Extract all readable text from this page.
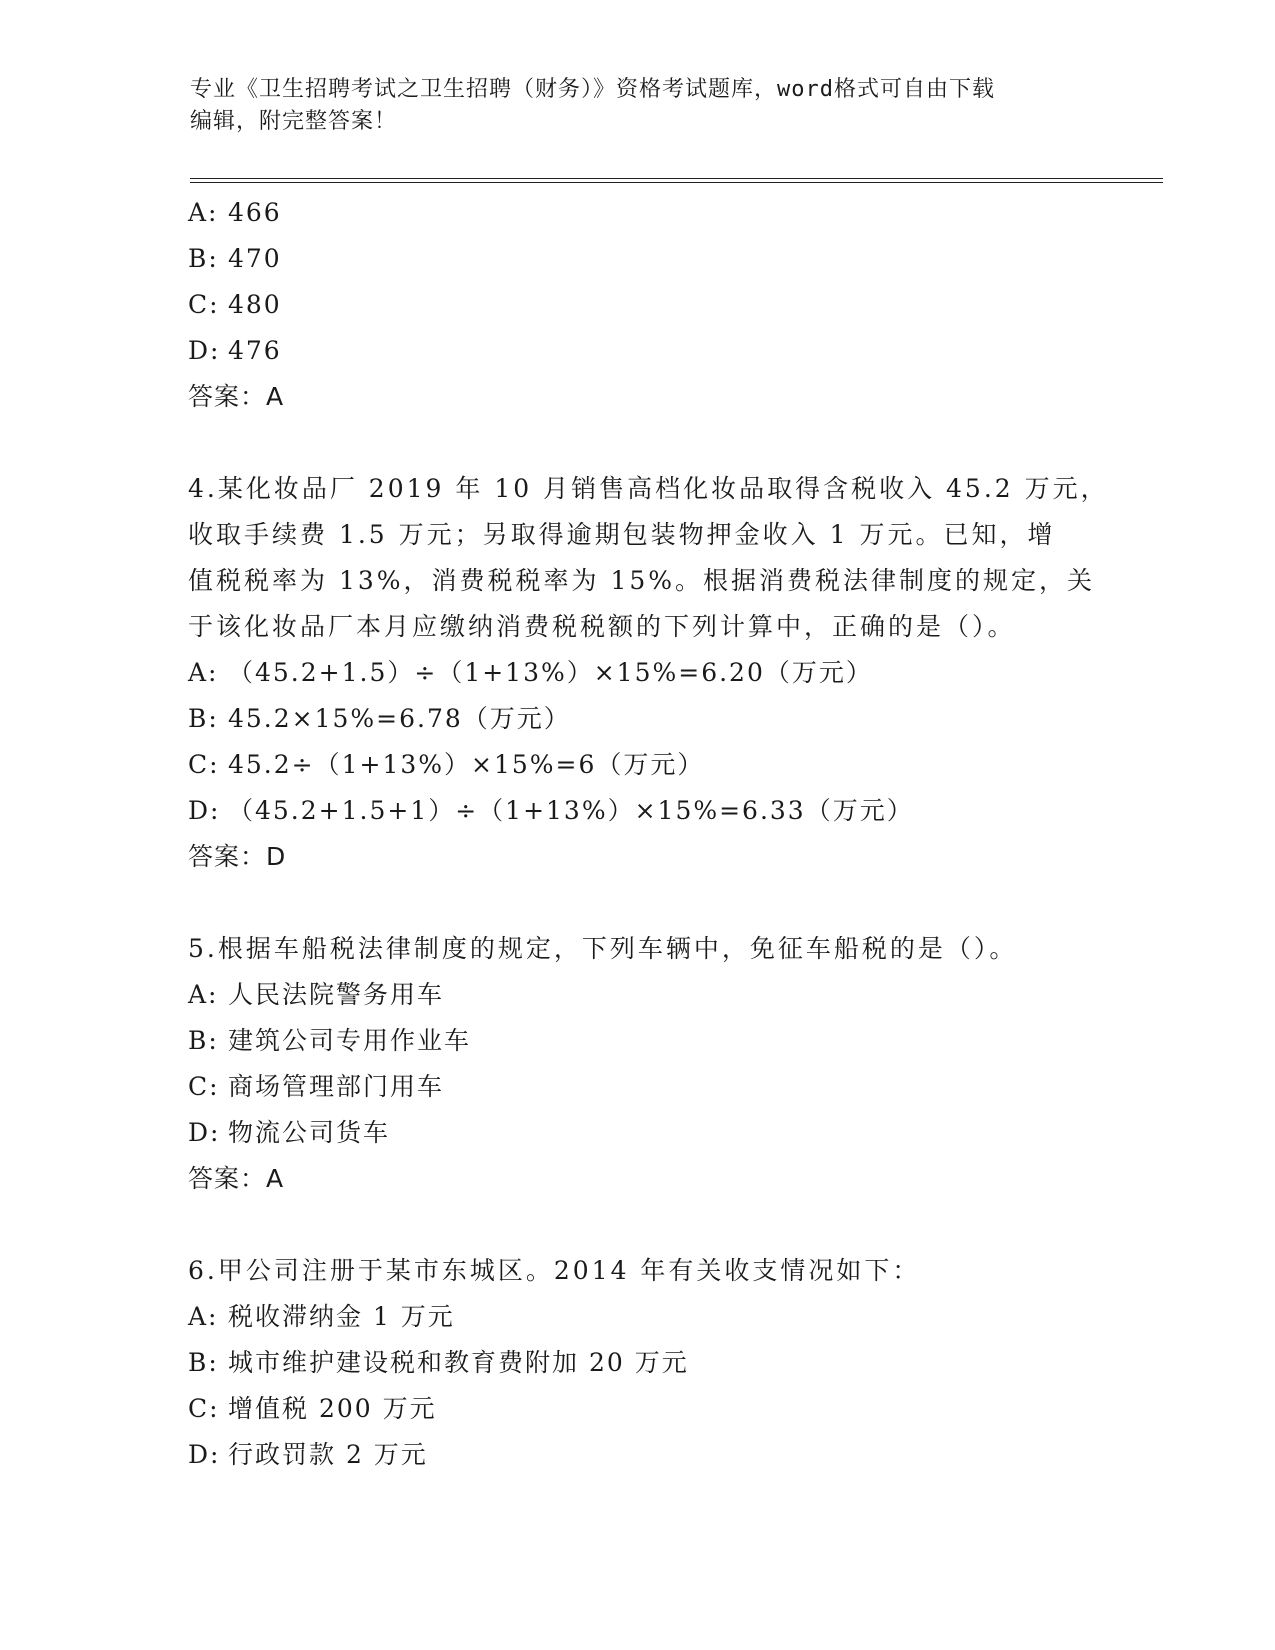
专业《卫生招聘考试之卫生招聘（财务）》资格考试题库，word格式可自由下载
编辑，附完整答案！
A: 466
B: 470
C: 480
D: 476
答案：A
4.某化妆品厂 2019 年 10 月销售高档化妆品取得含税收入 45.2 万元，
收取手续费 1.5 万元；另取得逾期包装物押金收入 1 万元。已知，增
值税税率为 13%，消费税税率为 15%。根据消费税法律制度的规定，关
于该化妆品厂本月应缴纳消费税税额的下列计算中，正确的是（）。
A: （45.2+1.5）÷（1+13%）×15%=6.20（万元）
B: 45.2×15%=6.78（万元）
C: 45.2÷（1+13%）×15%=6（万元）
D: （45.2+1.5+1）÷（1+13%）×15%=6.33（万元）
答案：D
5.根据车船税法律制度的规定，下列车辆中，免征车船税的是（）。
A: 人民法院警务用车
B: 建筑公司专用作业车
C: 商场管理部门用车
D: 物流公司货车
答案：A
6.甲公司注册于某市东城区。2014 年有关收支情况如下：
A: 税收滞纳金 1 万元
B: 城市维护建设税和教育费附加 20 万元
C: 增值税 200 万元
D: 行政罚款 2 万元
